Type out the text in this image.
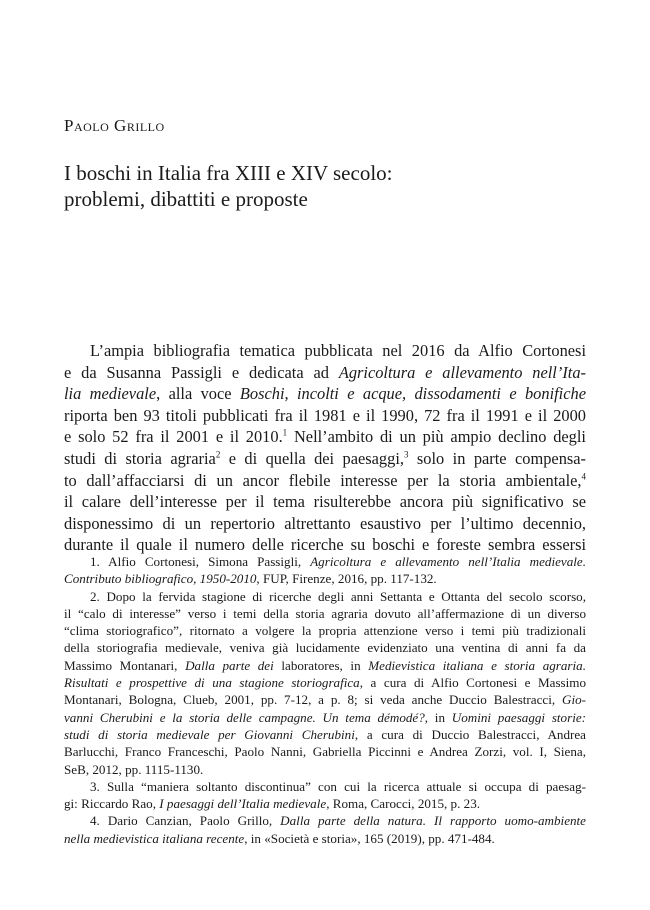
Paolo Grillo
I boschi in Italia fra XIII e XIV secolo:
problemi, dibattiti e proposte
L’ampia bibliografia tematica pubblicata nel 2016 da Alfio Cortonesi
e da Susanna Passigli e dedicata ad Agricoltura e allevamento nell’Ita-
lia medievale, alla voce Boschi, incolti e acque, dissodamenti e bonifiche
riporta ben 93 titoli pubblicati fra il 1981 e il 1990, 72 fra il 1991 e il 2000
e solo 52 fra il 2001 e il 2010.$^1$ Nell’ambito di un più ampio declino degli
studi di storia agraria$^2$ e di quella dei paesaggi,$^3$ solo in parte compensa-
to dall’affacciarsi di un ancor flebile interesse per la storia ambientale,$^4$
il calare dell’interesse per il tema risulterebbe ancora più significativo se
disponessimo di un repertorio altrettanto esaustivo per l’ultimo decennio,
durante il quale il numero delle ricerche su boschi e foreste sembra essersi
1. Alfio Cortonesi, Simona Passigli, Agricoltura e allevamento nell’Italia medievale.
Contributo bibliografico, 1950-2010, FUP, Firenze, 2016, pp. 117-132.
2. Dopo la fervida stagione di ricerche degli anni Settanta e Ottanta del secolo scorso,
il “calo di interesse” verso i temi della storia agraria dovuto all’affermazione di un diverso
“clima storiografico”, ritornato a volgere la propria attenzione verso i temi più tradizionali
della storiografia medievale, veniva già lucidamente evidenziato una ventina di anni fa da
Massimo Montanari, Dalla parte dei laboratores, in Medievistica italiana e storia agraria.
Risultati e prospettive di una stagione storiografica, a cura di Alfio Cortonesi e Massimo
Montanari, Bologna, Clueb, 2001, pp. 7-12, a p. 8; si veda anche Duccio Balestracci, Gio-
vanni Cherubini e la storia delle campagne. Un tema démodé?, in Uomini paesaggi storie:
studi di storia medievale per Giovanni Cherubini, a cura di Duccio Balestracci, Andrea
Barlucchi, Franco Franceschi, Paolo Nanni, Gabriella Piccinni e Andrea Zorzi, vol. I, Siena,
SeB, 2012, pp. 1115-1130.
3. Sulla “maniera soltanto discontinua” con cui la ricerca attuale si occupa di paesag-
gi: Riccardo Rao, I paesaggi dell’Italia medievale, Roma, Carocci, 2015, p. 23.
4. Dario Canzian, Paolo Grillo, Dalla parte della natura. Il rapporto uomo-ambiente
nella medievistica italiana recente, in «Società e storia», 165 (2019), pp. 471-484.
